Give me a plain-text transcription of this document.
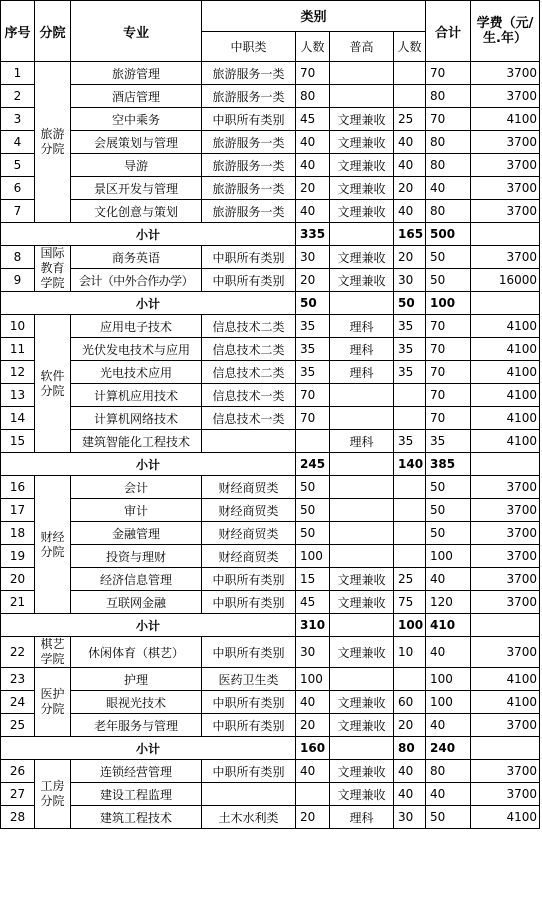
序号	分院	专业	类别				合计	学费（元/生.年）
			中职类	人数	普高	人数		
1	旅游分院	旅游管理	旅游服务一类	70			70	3700
2		酒店管理	旅游服务一类	80			80	3700
3		空中乘务	中职所有类别	45	文理兼收	25	70	4100
4		会展策划与管理	旅游服务一类	40	文理兼收	40	80	3700
5		导游	旅游服务一类	40	文理兼收	40	80	3700
6		景区开发与管理	旅游服务一类	20	文理兼收	20	40	3700
7		文化创意与策划	旅游服务一类	40	文理兼收	40	80	3700
小计				335		165	500	
8	国际教育学院	商务英语	中职所有类别	30	文理兼收	20	50	3700
9		会计（中外合作办学）	中职所有类别	20	文理兼收	30	50	16000
小计				50		50	100	
10	软件分院	应用电子技术	信息技术二类	35	理科	35	70	4100
11		光伏发电技术与应用	信息技术二类	35	理科	35	70	4100
12		光电技术应用	信息技术二类	35	理科	35	70	4100
13		计算机应用技术	信息技术一类	70			70	4100
14		计算机网络技术	信息技术一类	70			70	4100
15		建筑智能化工程技术			理科	35	35	4100
小计				245		140	385	
16	财经分院	会计	财经商贸类	50			50	3700
17		审计	财经商贸类	50			50	3700
18		金融管理	财经商贸类	50			50	3700
19		投资与理财	财经商贸类	100			100	3700
20		经济信息管理	中职所有类别	15	文理兼收	25	40	3700
21		互联网金融	中职所有类别	45	文理兼收	75	120	3700
小计				310		100	410	
22	棋艺学院	休闲体育（棋艺）	中职所有类别	30	文理兼收	10	40	3700
23	医护分院	护理	医药卫生类	100			100	4100
24		眼视光技术	中职所有类别	40	文理兼收	60	100	4100
25		老年服务与管理	中职所有类别	20	文理兼收	20	40	3700
小计				160		80	240	
26	工房分院	连锁经营管理	中职所有类别	40	文理兼收	40	80	3700
27		建设工程监理			文理兼收	40	40	3700
28		建筑工程技术	土木水利类	20	理科	30	50	4100
